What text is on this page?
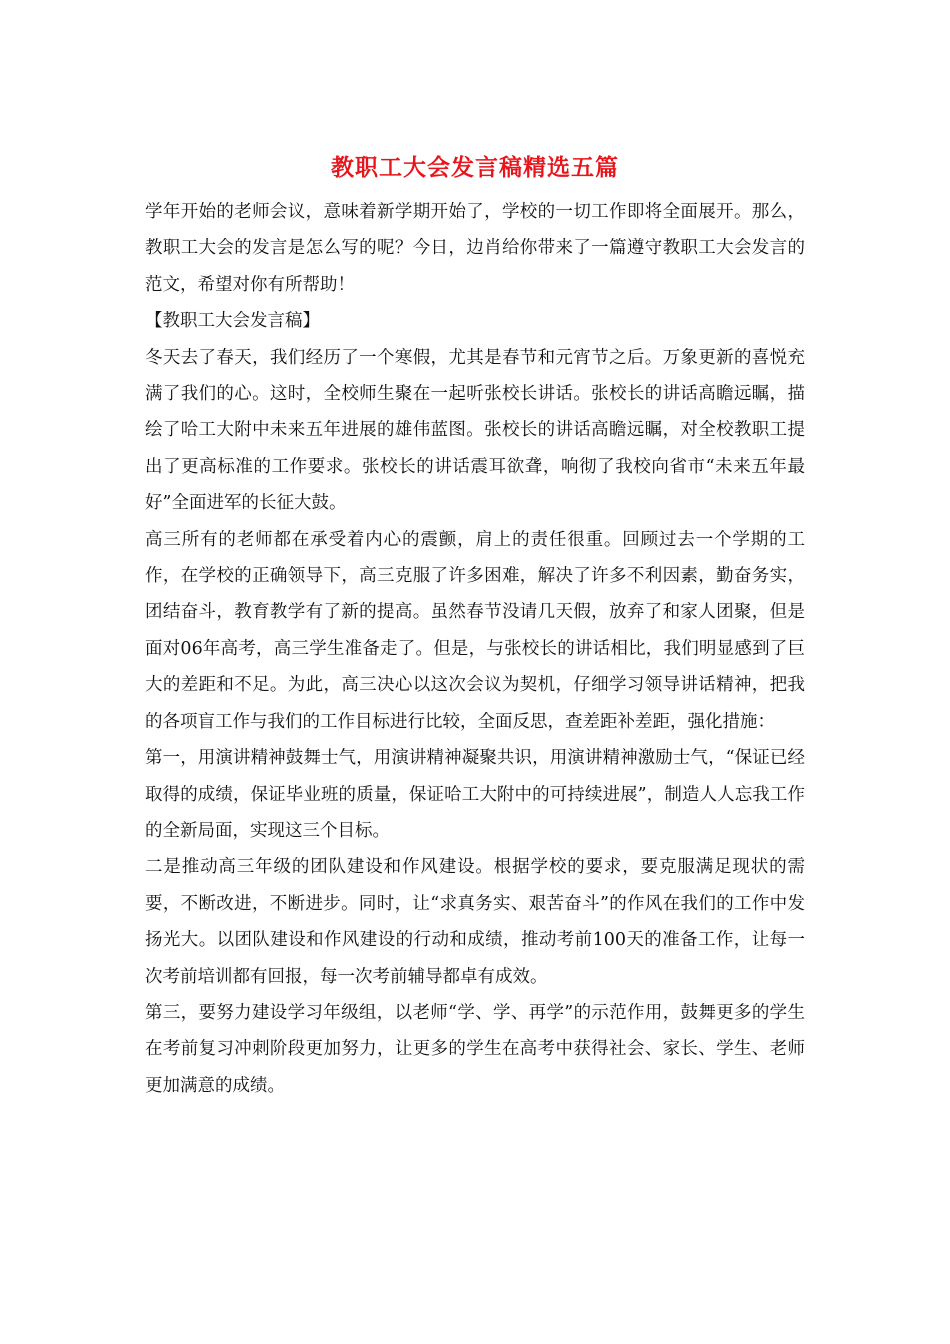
教职工大会发言稿精选五篇

学年开始的老师会议，意味着新学期开始了，学校的一切工作即将全面展开。那么，教职工大会的发言是怎么写的呢？今日，边肖给你带来了一篇遵守教职工大会发言的范文，希望对你有所帮助！

【教职工大会发言稿】

冬天去了春天，我们经历了一个寒假，尤其是春节和元宵节之后。万象更新的喜悦充满了我们的心。这时，全校师生聚在一起听张校长讲话。张校长的讲话高瞻远瞩，描绘了哈工大附中未来五年进展的雄伟蓝图。张校长的讲话高瞻远瞩，对全校教职工提出了更高标准的工作要求。张校长的讲话震耳欲聋，响彻了我校向省市“未来五年最好”全面进军的长征大鼓。

高三所有的老师都在承受着内心的震颤，肩上的责任很重。回顾过去一个学期的工作，在学校的正确领导下，高三克服了许多困难，解决了许多不利因素，勤奋务实，团结奋斗，教育教学有了新的提高。虽然春节没请几天假，放弃了和家人团聚，但是面对06年高考，高三学生准备走了。但是，与张校长的讲话相比，我们明显感到了巨大的差距和不足。为此，高三决心以这次会议为契机，仔细学习领导讲话精神，把我的各项盲工作与我们的工作目标进行比较，全面反思，查差距补差距，强化措施：

第一，用演讲精神鼓舞士气，用演讲精神凝聚共识，用演讲精神激励士气，“保证已经取得的成绩，保证毕业班的质量，保证哈工大附中的可持续进展”，制造人人忘我工作的全新局面，实现这三个目标。

二是推动高三年级的团队建设和作风建设。根据学校的要求，要克服满足现状的需要，不断改进，不断进步。同时，让“求真务实、艰苦奋斗”的作风在我们的工作中发扬光大。以团队建设和作风建设的行动和成绩，推动考前100天的准备工作，让每一次考前培训都有回报，每一次考前辅导都卓有成效。

第三，要努力建设学习年级组，以老师“学、学、再学”的示范作用，鼓舞更多的学生在考前复习冲刺阶段更加努力，让更多的学生在高考中获得社会、家长、学生、老师更加满意的成绩。
